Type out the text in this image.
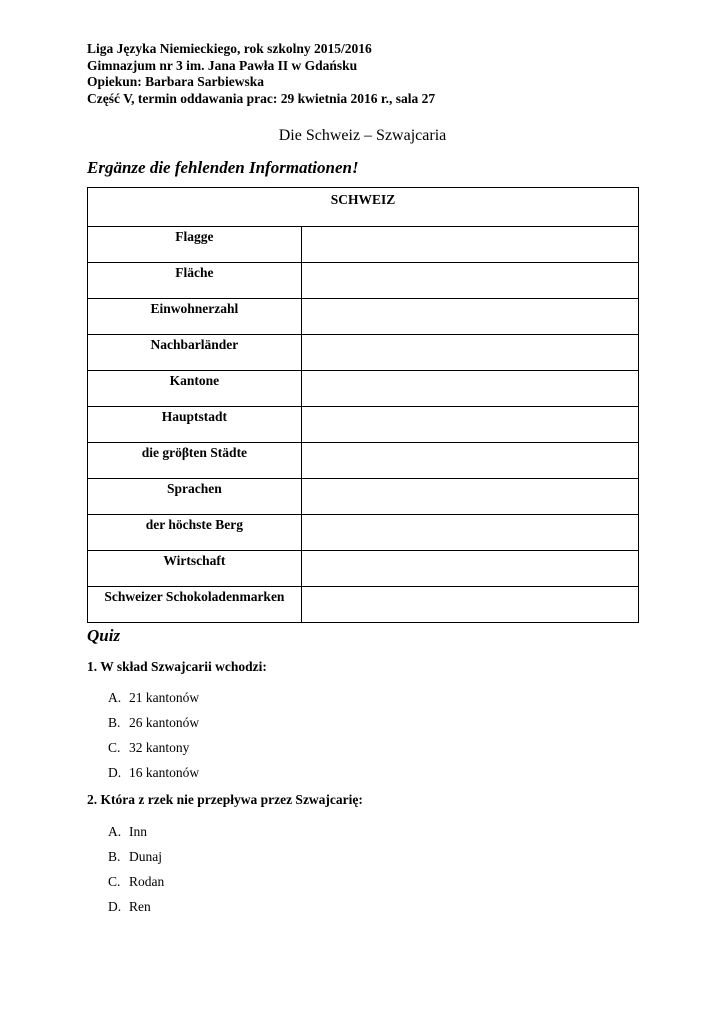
Liga Języka Niemieckiego, rok szkolny 2015/2016
Gimnazjum nr 3 im. Jana Pawła II w Gdańsku
Opiekun: Barbara Sarbiewska
Część V, termin oddawania prac: 29 kwietnia 2016 r., sala 27
Die Schweiz – Szwajcaria
Ergänze die fehlenden Informationen!
SCHWEIZ	
Flagge	
Fläche	
Einwohnerzahl	
Nachbarländer	
Kantone	
Hauptstadt	
die gröβten Städte	
Sprachen	
der höchste Berg	
Wirtschaft	
Schweizer Schokoladenmarken	
Quiz
1. W skład Szwajcarii wchodzi:
A. 21 kantonów
B. 26 kantonów
C. 32 kantony
D. 16 kantonów
2. Która z rzek nie przepływa przez Szwajcarię:
A. Inn
B. Dunaj
C. Rodan
D. Ren
